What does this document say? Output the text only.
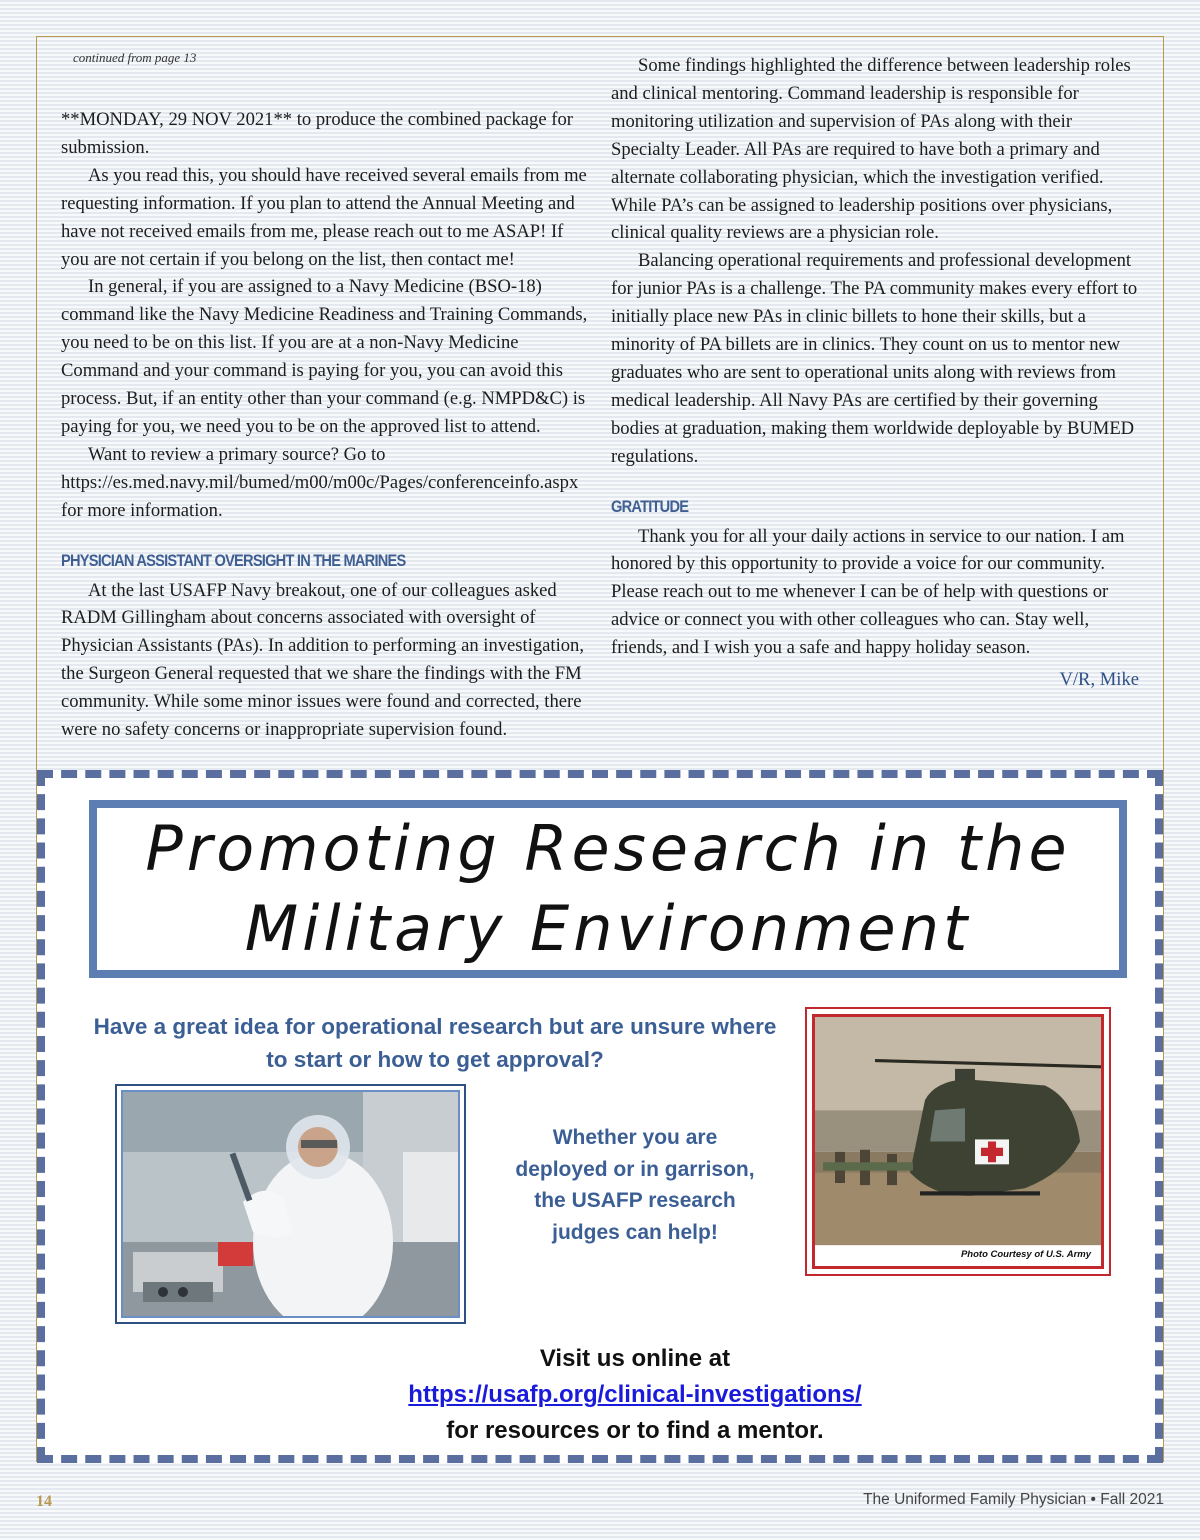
continued from page 13

**MONDAY, 29 NOV 2021** to produce the combined package for submission.

As you read this, you should have received several emails from me requesting information. If you plan to attend the Annual Meeting and have not received emails from me, please reach out to me ASAP! If you are not certain if you belong on the list, then contact me!

In general, if you are assigned to a Navy Medicine (BSO-18) command like the Navy Medicine Readiness and Training Commands, you need to be on this list. If you are at a non-Navy Medicine Command and your command is paying for you, you can avoid this process. But, if an entity other than your command (e.g. NMPD&C) is paying for you, we need you to be on the approved list to attend.

Want to review a primary source? Go to https://es.med.navy.mil/bumed/m00/m00c/Pages/conferenceinfo.aspx for more information.

PHYSICIAN ASSISTANT OVERSIGHT IN THE MARINES

At the last USAFP Navy breakout, one of our colleagues asked RADM Gillingham about concerns associated with oversight of Physician Assistants (PAs). In addition to performing an investigation, the Surgeon General requested that we share the findings with the FM community. While some minor issues were found and corrected, there were no safety concerns or inappropriate supervision found.

Some findings highlighted the difference between leadership roles and clinical mentoring. Command leadership is responsible for monitoring utilization and supervision of PAs along with their Specialty Leader. All PAs are required to have both a primary and alternate collaborating physician, which the investigation verified. While PA’s can be assigned to leadership positions over physicians, clinical quality reviews are a physician role.

Balancing operational requirements and professional development for junior PAs is a challenge. The PA community makes every effort to initially place new PAs in clinic billets to hone their skills, but a minority of PA billets are in clinics. They count on us to mentor new graduates who are sent to operational units along with reviews from medical leadership. All Navy PAs are certified by their governing bodies at graduation, making them worldwide deployable by BUMED regulations.

GRATITUDE

Thank you for all your daily actions in service to our nation. I am honored by this opportunity to provide a voice for our community. Please reach out to me whenever I can be of help with questions or advice or connect you with other colleagues who can. Stay well, friends, and I wish you a safe and happy holiday season.

V/R, Mike
Promoting Research in the
Military Environment
Have a great idea for operational research but are unsure where to start or how to get approval?
Whether you are deployed or in garrison, the USAFP research judges can help!
Photo Courtesy of U.S. Army
Visit us online at
https://usafp.org/clinical-investigations/
for resources or to find a mentor.
14	The Uniformed Family Physician • Fall 2021
